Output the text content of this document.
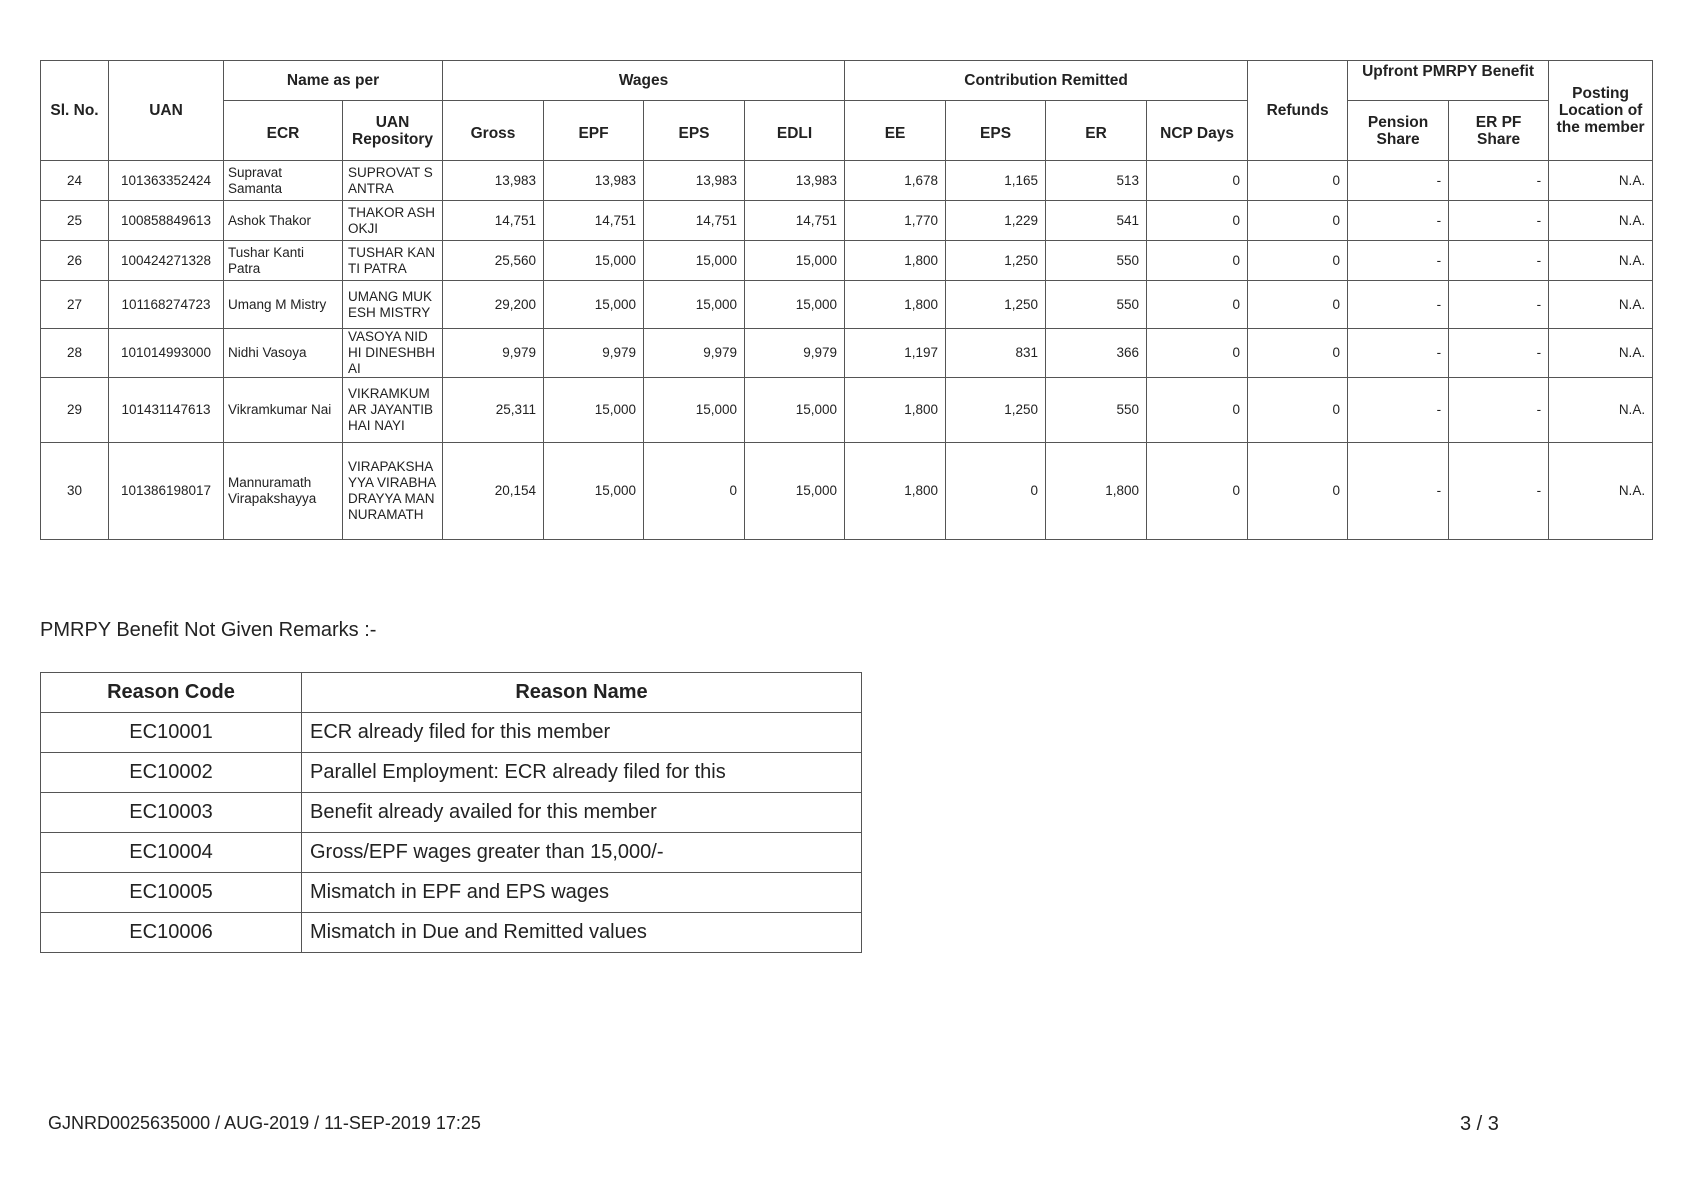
Sl. No.	UAN	Name as per		Wages				Contribution Remitted				Refunds	Upfront PMRPY Benefit		Posting Location of the member
		ECR	UAN Repository	Gross	EPF	EPS	EDLI	EE	EPS	ER	NCP Days		Pension Share	ER PF Share	
24	101363352424	Supravat Samanta	SUPROVAT SANTRA	13,983	13,983	13,983	13,983	1,678	1,165	513	0	0	-	-	N.A.
25	100858849613	Ashok Thakor	THAKOR ASHOKJI	14,751	14,751	14,751	14,751	1,770	1,229	541	0	0	-	-	N.A.
26	100424271328	Tushar Kanti Patra	TUSHAR KANTI PATRA	25,560	15,000	15,000	15,000	1,800	1,250	550	0	0	-	-	N.A.
27	101168274723	Umang M Mistry	UMANG MUKESH MISTRY	29,200	15,000	15,000	15,000	1,800	1,250	550	0	0	-	-	N.A.
28	101014993000	Nidhi Vasoya	VASOYA NIDHI DINESHBHAI	9,979	9,979	9,979	9,979	1,197	831	366	0	0	-	-	N.A.
29	101431147613	Vikramkumar Nai	VIKRAMKUMAR JAYANTIBHAI NAYI	25,311	15,000	15,000	15,000	1,800	1,250	550	0	0	-	-	N.A.
30	101386198017	Mannuramath Virapakshayya	VIRAPAKSHAYYA VIRABHADRAYYA MANNURAMATH	20,154	15,000	0	15,000	1,800	0	1,800	0	0	-	-	N.A.

PMRPY Benefit Not Given Remarks :-

Reason Code	Reason Name
EC10001	ECR already filed for this member
EC10002	Parallel Employment: ECR already filed for this
EC10003	Benefit already availed for this member
EC10004	Gross/EPF wages greater than 15,000/-
EC10005	Mismatch in EPF and EPS wages
EC10006	Mismatch in Due and Remitted values
GJNRD0025635000 / AUG-2019 / 11-SEP-2019 17:25	3 / 3
